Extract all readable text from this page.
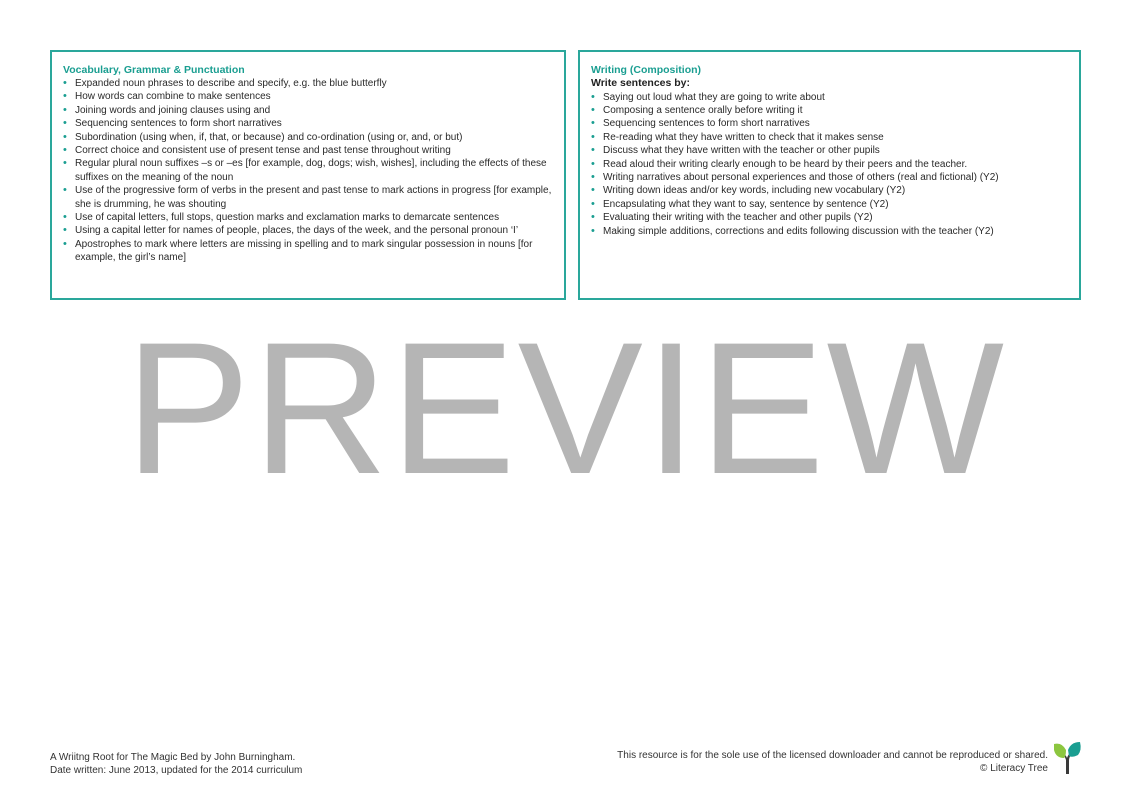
Vocabulary, Grammar & Punctuation
• Expanded noun phrases to describe and specify, e.g. the blue butterfly
• How words can combine to make sentences
• Joining words and joining clauses using and
• Sequencing sentences to form short narratives
• Subordination (using when, if, that, or because) and co-ordination (using or, and, or but)
• Correct choice and consistent use of present tense and past tense throughout writing
• Regular plural noun suffixes –s or –es [for example, dog, dogs; wish, wishes], including the effects of these suffixes on the meaning of the noun
• Use of the progressive form of verbs in the present and past tense to mark actions in progress [for example, she is drumming, he was shouting
• Use of capital letters, full stops, question marks and exclamation marks to demarcate sentences
• Using a capital letter for names of people, places, the days of the week, and the personal pronoun ‘I’
• Apostrophes to mark where letters are missing in spelling and to mark singular possession in nouns [for example, the girl’s name]
Writing (Composition)
Write sentences by:
• Saying out loud what they are going to write about
• Composing a sentence orally before writing it
• Sequencing sentences to form short narratives
• Re-reading what they have written to check that it makes sense
• Discuss what they have written with the teacher or other pupils
• Read aloud their writing clearly enough to be heard by their peers and the teacher.
• Writing narratives about personal experiences and those of others (real and fictional) (Y2)
• Writing down ideas and/or key words, including new vocabulary (Y2)
• Encapsulating what they want to say, sentence by sentence (Y2)
• Evaluating their writing with the teacher and other pupils (Y2)
• Making simple additions, corrections and edits following discussion with the teacher (Y2)
PREVIEW
A Wriitng Root for The Magic Bed by John Burningham.
Date written: June 2013, updated for the 2014 curriculum
This resource is for the sole use of the licensed downloader and cannot be reproduced or shared.
© Literacy Tree
